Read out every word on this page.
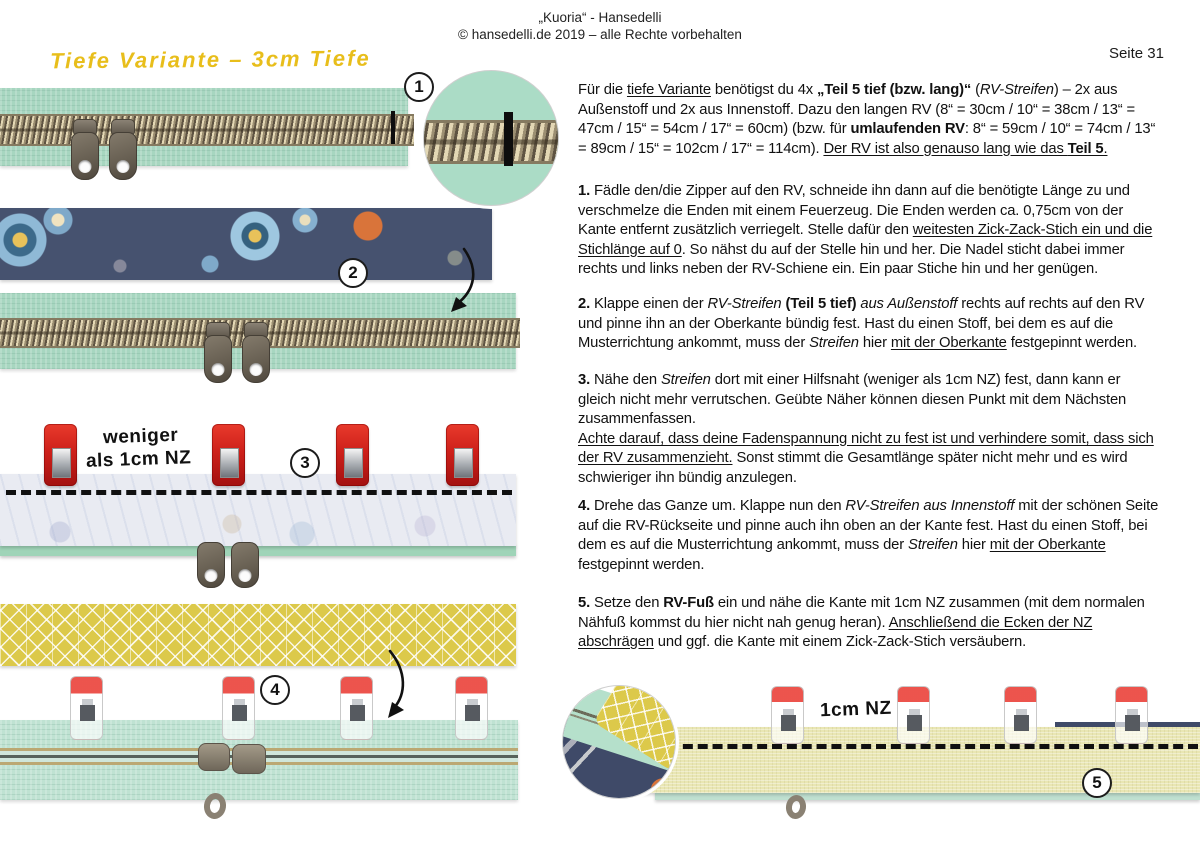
„Kuoria“ - Hansedelli
© hansedelli.de 2019 – alle Rechte vorbehalten
Seite 31
Tiefe Variante – 3cm Tiefe

Für die tiefe Variante benötigst du 4x „Teil 5 tief (bzw. lang)“ (RV-Streifen) – 2x aus Außenstoff und 2x aus Innenstoff. Dazu den langen RV (8“ = 30cm / 10“ = 38cm / 13“ = 47cm / 15“ = 54cm / 17“ = 60cm) (bzw. für umlaufenden RV: 8“ = 59cm / 10“ = 74cm / 13“ = 89cm / 15“ = 102cm / 17“ = 114cm). Der RV ist also genauso lang wie das Teil 5.

1. Fädle den/die Zipper auf den RV, schneide ihn dann auf die benötigte Länge zu und verschmelze die Enden mit einem Feuerzeug. Die Enden werden ca. 0,75cm von der Kante entfernt zusätzlich verriegelt. Stelle dafür den weitesten Zick-Zack-Stich ein und die Stichlänge auf 0. So nähst du auf der Stelle hin und her. Die Nadel sticht dabei immer rechts und links neben der RV-Schiene ein. Ein paar Stiche hin und her genügen.

2. Klappe einen der RV-Streifen (Teil 5 tief) aus Außenstoff rechts auf rechts auf den RV und pinne ihn an der Oberkante bündig fest. Hast du einen Stoff, bei dem es auf die Musterrichtung ankommt, muss der Streifen hier mit der Oberkante festgepinnt werden.

3. Nähe den Streifen dort mit einer Hilfsnaht (weniger als 1cm NZ) fest, dann kann er gleich nicht mehr verrutschen. Geübte Näher können diesen Punkt mit dem Nächsten zusammenfassen.
Achte darauf, dass deine Fadenspannung nicht zu fest ist und verhindere somit, dass sich der RV zusammenzieht. Sonst stimmt die Gesamtlänge später nicht mehr und es wird schwieriger ihn bündig anzulegen.

4. Drehe das Ganze um. Klappe nun den RV-Streifen aus Innenstoff mit der schönen Seite auf die RV-Rückseite und pinne auch ihn oben an der Kante fest. Hast du einen Stoff, bei dem es auf die Musterrichtung ankommt, muss der Streifen hier mit der Oberkante festgepinnt werden.

5. Setze den RV-Fuß ein und nähe die Kante mit 1cm NZ zusammen (mit dem normalen Nähfuß kommst du hier nicht nah genug heran). Anschließend die Ecken der NZ abschrägen und ggf. die Kante mit einem Zick-Zack-Stich versäubern.

1
2
weniger
als 1cm NZ	3
4
1cm NZ
5
